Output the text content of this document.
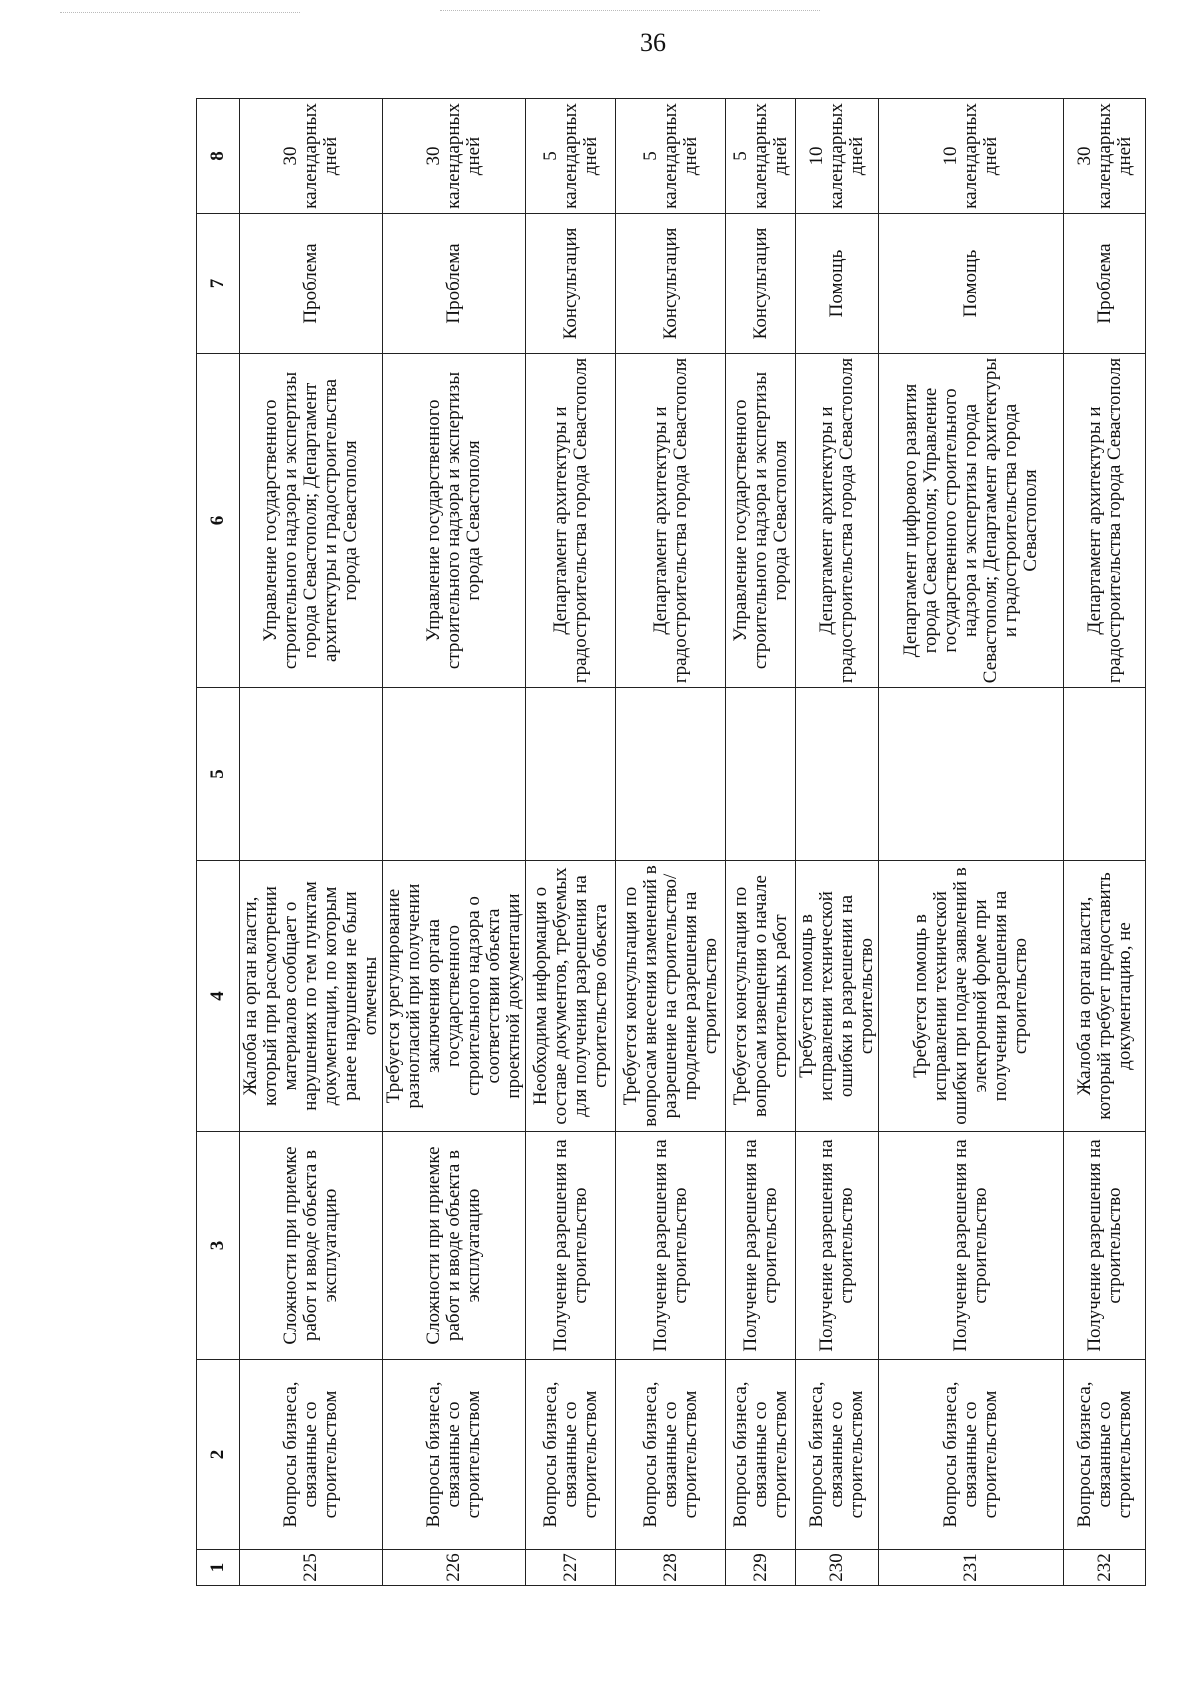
36
1	2	3	4	5	6	7	8
225	Вопросы бизнеса, связанные со строительством	Сложности при приемке работ и вводе объекта в эксплуатацию	Жалоба на орган власти, который при рассмотрении материалов сообщает о нарушениях по тем пунктам документации, по которым ранее нарушения не были отмечены		Управление государственного строительного надзора и экспертизы города Севастополя; Департамент архитектуры и градостроительства города Севастополя	Проблема	30 календарных дней
226	Вопросы бизнеса, связанные со строительством	Сложности при приемке работ и вводе объекта в эксплуатацию	Требуется урегулирование разногласий при получении заключения органа государственного строительного надзора о соответствии объекта проектной документации		Управление государственного строительного надзора и экспертизы города Севастополя	Проблема	30 календарных дней
227	Вопросы бизнеса, связанные со строительством	Получение разрешения на строительство	Необходима информация о составе документов, требуемых для получения разрешения на строительство объекта		Департамент архитектуры и градостроительства города Севастополя	Консультация	5 календарных дней
228	Вопросы бизнеса, связанные со строительством	Получение разрешения на строительство	Требуется консультация по вопросам внесения изменений в разрешение на строительство/продление разрешения на строительство		Департамент архитектуры и градостроительства города Севастополя	Консультация	5 календарных дней
229	Вопросы бизнеса, связанные со строительством	Получение разрешения на строительство	Требуется консультация по вопросам извещения о начале строительных работ		Управление государственного строительного надзора и экспертизы города Севастополя	Консультация	5 календарных дней
230	Вопросы бизнеса, связанные со строительством	Получение разрешения на строительство	Требуется помощь в исправлении технической ошибки в разрешении на строительство		Департамент архитектуры и градостроительства города Севастополя	Помощь	10 календарных дней
231	Вопросы бизнеса, связанные со строительством	Получение разрешения на строительство	Требуется помощь в исправлении технической ошибки при подаче заявлений в электронной форме при получении разрешения на строительство		Департамент цифрового развития города Севастополя; Управление государственного строительного надзора и экспертизы города Севастополя; Департамент архитектуры и градостроительства города Севастополя	Помощь	10 календарных дней
232	Вопросы бизнеса, связанные со строительством	Получение разрешения на строительство	Жалоба на орган власти, который требует предоставить документацию, не		Департамент архитектуры и градостроительства города Севастополя	Проблема	30 календарных дней
